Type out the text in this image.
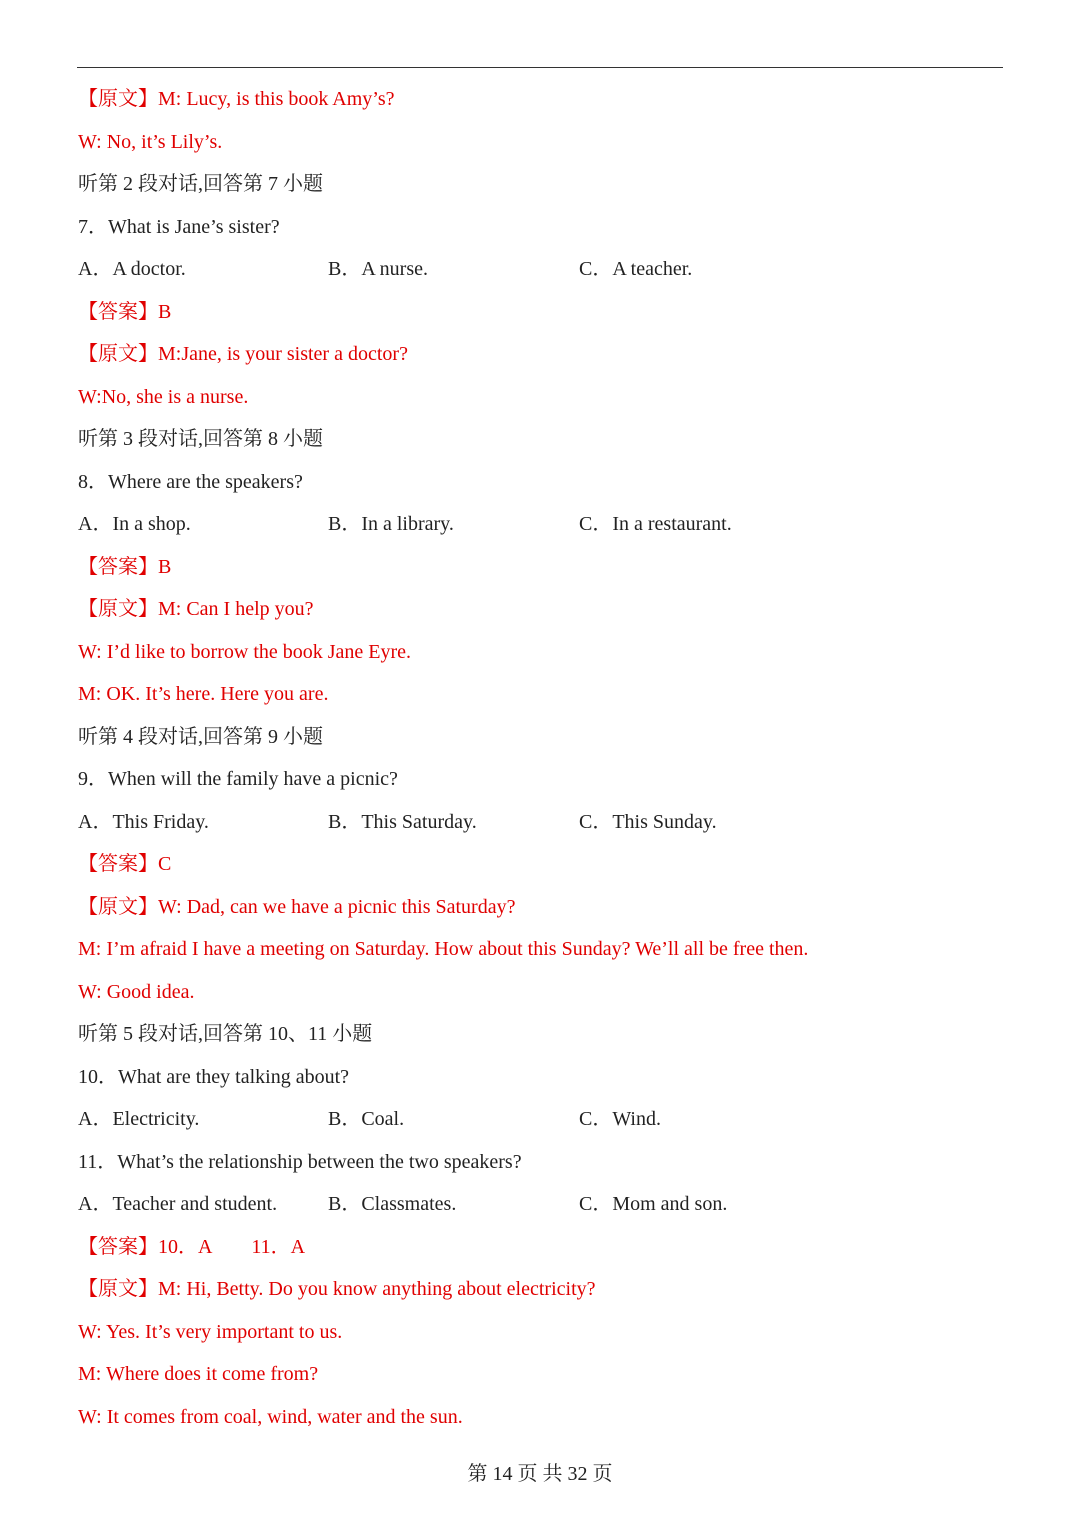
【原文】M: Lucy, is this book Amy’s?
W: No, it’s Lily’s.
听第 2 段对话,回答第 7 小题
7．What is Jane’s sister?
A．A doctor.	B．A nurse.	C．A teacher.
【答案】B
【原文】M:Jane, is your sister a doctor?
W:No, she is a nurse.
听第 3 段对话,回答第 8 小题
8．Where are the speakers?
A．In a shop.	B．In a library.	C．In a restaurant.
【答案】B
【原文】M: Can I help you?
W: I’d like to borrow the book Jane Eyre.
M: OK. It’s here. Here you are.
听第 4 段对话,回答第 9 小题
9．When will the family have a picnic?
A．This Friday.	B．This Saturday.	C．This Sunday.
【答案】C
【原文】W: Dad, can we have a picnic this Saturday?
M: I’m afraid I have a meeting on Saturday. How about this Sunday? We’ll all be free then.
W: Good idea.
听第 5 段对话,回答第 10、11 小题
10．What are they talking about?
A．Electricity.	B．Coal.	C．Wind.
11．What’s the relationship between the two speakers?
A．Teacher and student.	B．Classmates.	C．Mom and son.
【答案】10．A　　11．A
【原文】M: Hi, Betty. Do you know anything about electricity?
W: Yes. It’s very important to us.
M: Where does it come from?
W: It comes from coal, wind, water and the sun.
第 14 页 共 32 页
